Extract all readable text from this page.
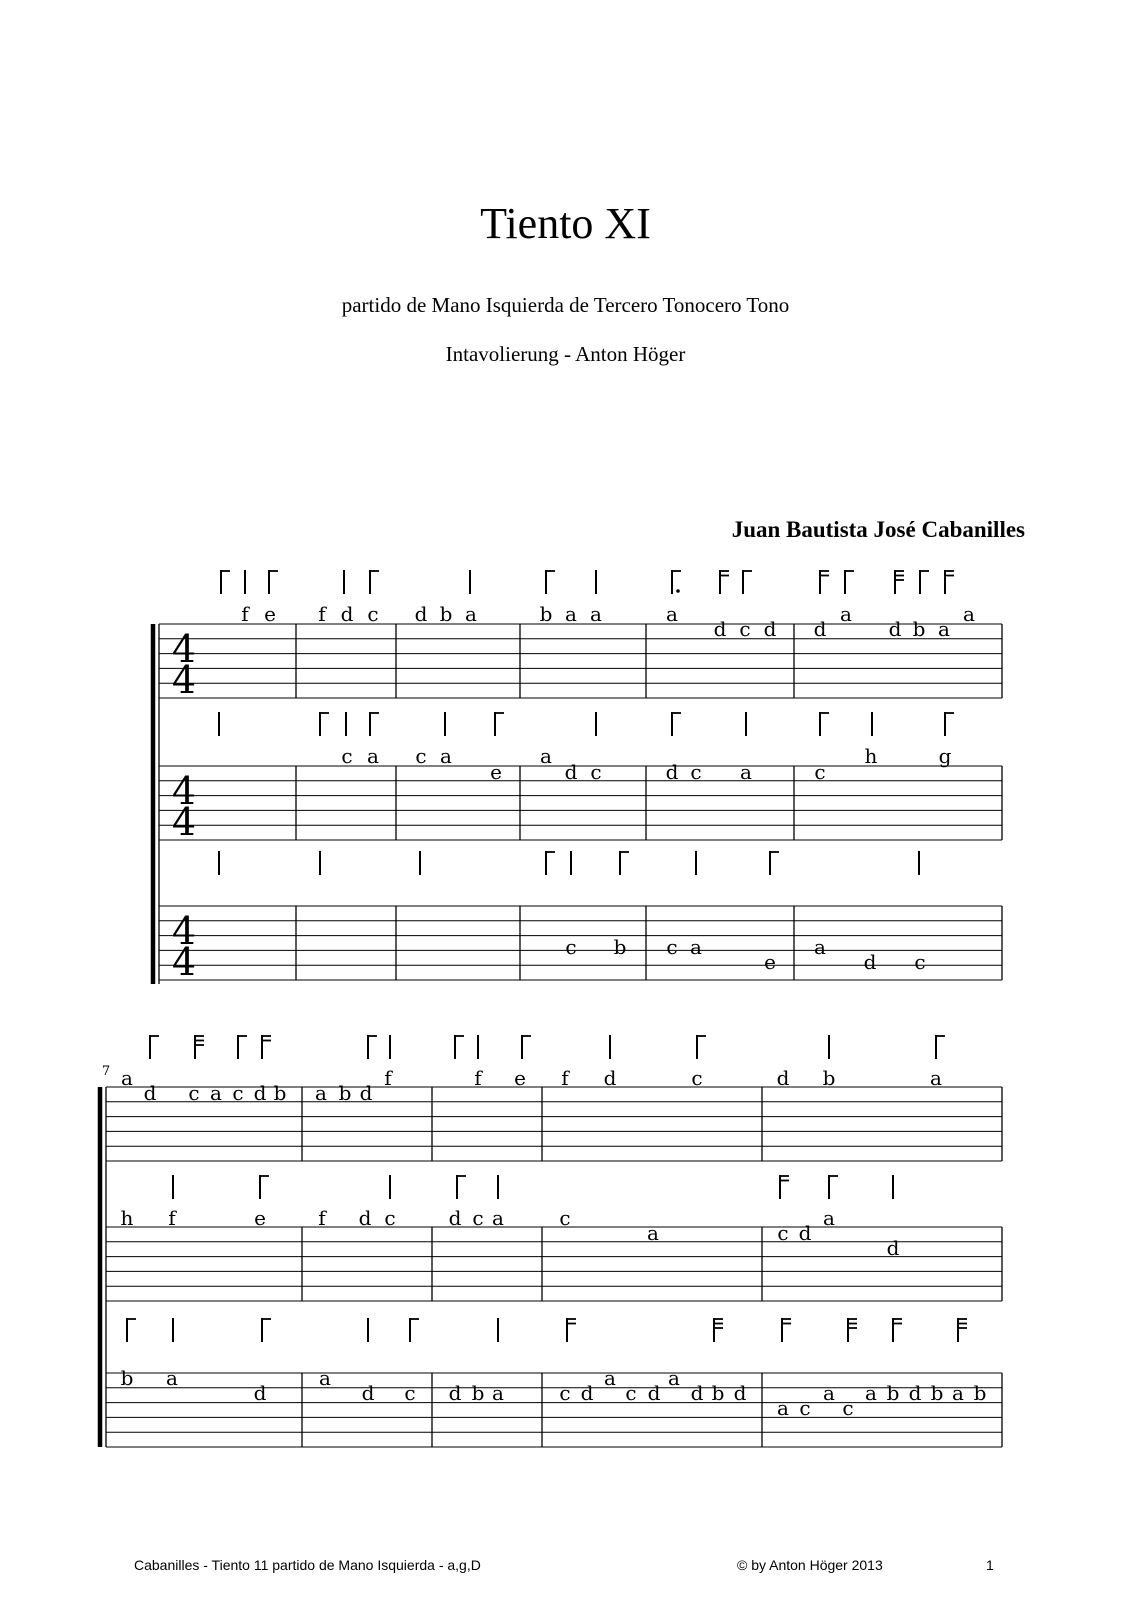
Tiento XI
partido de Mano Isquierda de Tercero Tonocero Tono
Intavolierung - Anton Höger
Juan Bautista José Cabanilles
4
4
4
4
4
4
f e f d c d b a	b a a	a
d c d d
a
d b a
a
c a c a
e
a
d c	d c a	c
h	g
c b c a
e
a
d c
7 a
d c a c d b a b d
f	f e f d	c	d b	a
h f	e	f d c	d c a	c
a	c d
a
d
b a
d
a
d c d b a	c d
a
c d
a
d b d
a c
a
c
a b d b a b
Cabanilles - Tiento 11 partido de Mano Isquierda - a,g,D	© by Anton Höger 2013	1
